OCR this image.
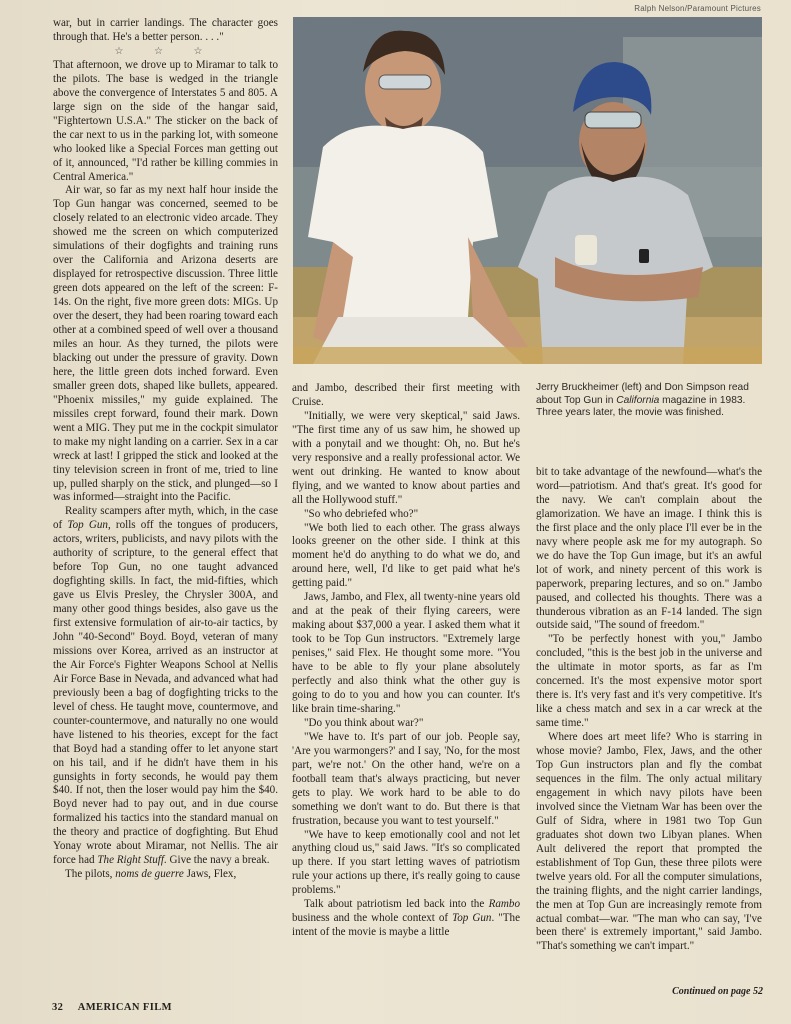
Ralph Nelson/Paramount Pictures

war, but in carrier landings. The character goes through that. He's a better person. . . ."

☆ ☆ ☆

That afternoon, we drove up to Miramar to talk to the pilots. The base is wedged in the triangle above the convergence of Interstates 5 and 805. A large sign on the side of the hangar said, "Fightertown U.S.A." The sticker on the back of the car next to us in the parking lot, with someone who looked like a Special Forces man getting out of it, announced, "I'd rather be killing commies in Central America."

Air war, so far as my next half hour inside the Top Gun hangar was concerned, seemed to be closely related to an electronic video arcade. They showed me the screen on which computerized simulations of their dogfights and training runs over the California and Arizona deserts are displayed for retrospective discussion. Three little green dots appeared on the left of the screen: F-14s. On the right, five more green dots: MIGs. Up over the desert, they had been roaring toward each other at a combined speed of well over a thousand miles an hour. As they turned, the pilots were blacking out under the pressure of gravity. Down here, the little green dots inched forward. Even smaller green dots, shaped like bullets, appeared. "Phoenix missiles," my guide explained. The missiles crept forward, found their mark. Down went a MIG. They put me in the cockpit simulator to make my night landing on a carrier. Sex in a car wreck at last! I gripped the stick and looked at the tiny television screen in front of me, tried to line up, pulled sharply on the stick, and plunged—so I was informed—straight into the Pacific.

Reality scampers after myth, which, in the case of Top Gun, rolls off the tongues of producers, actors, writers, publicists, and navy pilots with the authority of scripture, to the general effect that before Top Gun, no one taught advanced dogfighting skills. In fact, the mid-fifties, which gave us Elvis Presley, the Chrysler 300A, and many other good things besides, also gave us the first extensive formulation of air-to-air tactics, by John "40-Second" Boyd. Boyd, veteran of many missions over Korea, arrived as an instructor at the Air Force's Fighter Weapons School at Nellis Air Force Base in Nevada, and advanced what had previously been a bag of dogfighting tricks to the level of chess. He taught move, countermove, and counter-countermove, and naturally no one would have listened to his theories, except for the fact that Boyd had a standing offer to let anyone start on his tail, and if he didn't have them in his gunsights in forty seconds, he would pay them $40. If not, then the loser would pay him the $40. Boyd never had to pay out, and in due course formalized his tactics into the standard manual on the theory and practice of dogfighting. But Ehud Yonay wrote about Miramar, not Nellis. The air force had The Right Stuff. Give the navy a break.

The pilots, noms de guerre Jaws, Flex,

Jerry Bruckheimer (left) and Don Simpson read about Top Gun in California magazine in 1983. Three years later, the movie was finished.

and Jambo, described their first meeting with Cruise.

"Initially, we were very skeptical," said Jaws. "The first time any of us saw him, he showed up with a ponytail and we thought: Oh, no. But he's very responsive and a really professional actor. We went out drinking. He wanted to know about flying, and we wanted to know about parties and all the Hollywood stuff."

"So who debriefed who?"

"We both lied to each other. The grass always looks greener on the other side. I think at this moment he'd do anything to do what we do, and around here, well, I'd like to get paid what he's getting paid."

Jaws, Jambo, and Flex, all twenty-nine years old and at the peak of their flying careers, were making about $37,000 a year. I asked them what it took to be Top Gun instructors. "Extremely large penises," said Flex. He thought some more. "You have to be able to fly your plane absolutely perfectly and also think what the other guy is going to do to you and how you can counter. It's like brain time-sharing."

"Do you think about war?"

"We have to. It's part of our job. People say, 'Are you warmongers?' and I say, 'No, for the most part, we're not.' On the other hand, we're on a football team that's always practicing, but never gets to play. We work hard to be able to do something we don't want to do. But there is that frustration, because you want to test yourself."

"We have to keep emotionally cool and not let anything cloud us," said Jaws. "It's so complicated up there. If you start letting waves of patriotism rule your actions up there, it's really going to cause problems."

Talk about patriotism led back into the Rambo business and the whole context of Top Gun. "The intent of the movie is maybe a little

bit to take advantage of the newfound—what's the word—patriotism. And that's great. It's good for the navy. We can't complain about the glamorization. We have an image. I think this is the first place and the only place I'll ever be in the navy where people ask me for my autograph. So we do have the Top Gun image, but it's an awful lot of work, and ninety percent of this work is paperwork, preparing lectures, and so on." Jambo paused, and collected his thoughts. There was a thunderous vibration as an F-14 landed. The sign outside said, "The sound of freedom."

"To be perfectly honest with you," Jambo concluded, "this is the best job in the universe and the ultimate in motor sports, as far as I'm concerned. It's the most expensive motor sport there is. It's very fast and it's very competitive. It's like a chess match and sex in a car wreck at the same time."

Where does art meet life? Who is starring in whose movie? Jambo, Flex, Jaws, and the other Top Gun instructors plan and fly the combat sequences in the film. The only actual military engagement in which navy pilots have been involved since the Vietnam War has been over the Gulf of Sidra, where in 1981 two Top Gun graduates shot down two Libyan planes. When Ault delivered the report that prompted the establishment of Top Gun, these three pilots were twelve years old. For all the computer simulations, the training flights, and the night carrier landings, the men at Top Gun are increasingly remote from actual combat—war. "The man who can say, 'I've been there' is extremely important," said Jambo. "That's something we can't impart."

Continued on page 52
32 AMERICAN FILM
